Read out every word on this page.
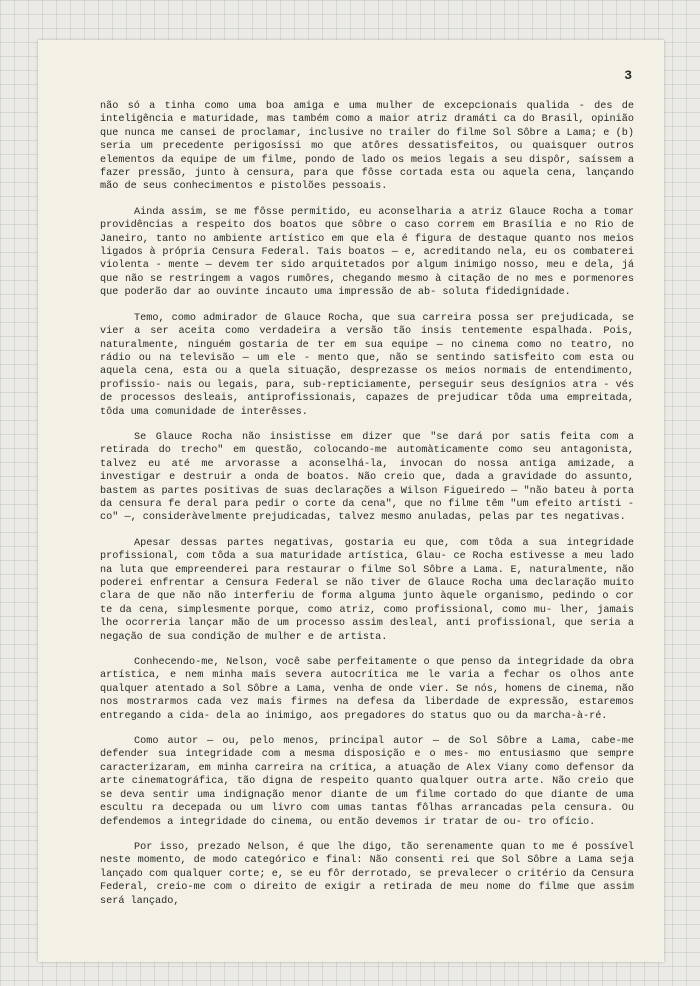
3

não só a tinha como uma boa amiga e uma mulher de excepcionais qualida - des de inteligência e maturidade, mas também como a maior atriz dramáti ca do Brasil, opinião que nunca me cansei de proclamar, inclusive no trailer do filme Sol Sôbre a Lama; e (b) seria um precedente perigosíssi mo que atôres dessatisfeitos, ou quaisquer outros elementos da equipe de um filme, pondo de lado os meios legais a seu dispôr, saíssem a fazer pressão, junto à censura, para que fôsse cortada esta ou aquela cena, lançando mão de seus conhecimentos e pistolões pessoais.

Ainda assim, se me fôsse permitido, eu aconselharia a atriz Glauce Rocha a tomar providências a respeito dos boatos que sôbre o caso correm em Brasília e no Rio de Janeiro, tanto no ambiente artístico em que ela é figura de destaque quanto nos meios ligados à própria Censura Federal. Tais boatos — e, acreditando nela, eu os combaterei violenta - mente — devem ter sido arquitetados por algum inimigo nosso, meu e dela, já que não se restringem a vagos rumôres, chegando mesmo à citação de no mes e pormenores que poderão dar ao ouvinte incauto uma impressão de ab- soluta fidedignidade.

Temo, como admirador de Glauce Rocha, que sua carreira possa ser prejudicada, se vier a ser aceita como verdadeira a versão tão insis tentemente espalhada. Pois, naturalmente, ninguém gostaria de ter em sua equipe — no cinema como no teatro, no rádio ou na televisão — um ele - mento que, não se sentindo satisfeito com esta ou aquela cena, esta ou a quela situação, desprezasse os meios normais de entendimento, profissio- nais ou legais, para, sub-repticiamente, perseguir seus desígnios atra - vés de processos desleais, antiprofissionais, capazes de prejudicar tôda uma empreitada, tôda uma comunidade de interêsses.

Se Glauce Rocha não insistisse em dizer que "se dará por satis feita com a retirada do trecho" em questão, colocando-me automàticamente como seu antagonista, talvez eu até me arvorasse a aconselhá-la, invocan do nossa antiga amizade, a investigar e destruir a onda de boatos. Não creio que, dada a gravidade do assunto, bastem as partes positivas de suas declarações a Wilson Figueiredo — "não bateu à porta da censura fe deral para pedir o corte da cena", que no filme têm "um efeito artísti - co" —, consideràvelmente prejudicadas, talvez mesmo anuladas, pelas par tes negativas.

Apesar dessas partes negativas, gostaria eu que, com tôda a sua integridade profissional, com tôda a sua maturidade artística, Glau- ce Rocha estivesse a meu lado na luta que empreenderei para restaurar o filme Sol Sôbre a Lama. E, naturalmente, não poderei enfrentar a Censura Federal se não tiver de Glauce Rocha uma declaração muito clara de que não não interferiu de forma alguma junto àquele organismo, pedindo o cor te da cena, simplesmente porque, como atriz, como profissional, como mu- lher, jamais lhe ocorreria lançar mão de um processo assim desleal, anti profissional, que seria a negação de sua condição de mulher e de artista.

Conhecendo-me, Nelson, você sabe perfeitamente o que penso da integridade da obra artística, e nem minha mais severa autocrítica me le varia a fechar os olhos ante qualquer atentado a Sol Sôbre a Lama, venha de onde vier. Se nós, homens de cinema, não nos mostrarmos cada vez mais firmes na defesa da liberdade de expressão, estaremos entregando a cida- dela ao inimigo, aos pregadores do status quo ou da marcha-à-ré.

Como autor — ou, pelo menos, principal autor — de Sol Sôbre a Lama, cabe-me defender sua integridade com a mesma disposição e o mes- mo entusiasmo que sempre caracterizaram, em minha carreira na crítica, a atuação de Alex Viany como defensor da arte cinematográfica, tão digna de respeito quanto qualquer outra arte. Não creio que se deva sentir uma indignação menor diante de um filme cortado do que diante de uma escultu ra decepada ou um livro com umas tantas fôlhas arrancadas pela censura. Ou defendemos a integridade do cinema, ou então devemos ir tratar de ou- tro ofício.

Por isso, prezado Nelson, é que lhe digo, tão serenamente quan to me é possível neste momento, de modo categórico e final: Não consenti rei que Sol Sôbre a Lama seja lançado com qualquer corte; e, se eu fôr derrotado, se prevalecer o critério da Censura Federal, creio-me com o direito de exigir a retirada de meu nome do filme que assim será lançado,
